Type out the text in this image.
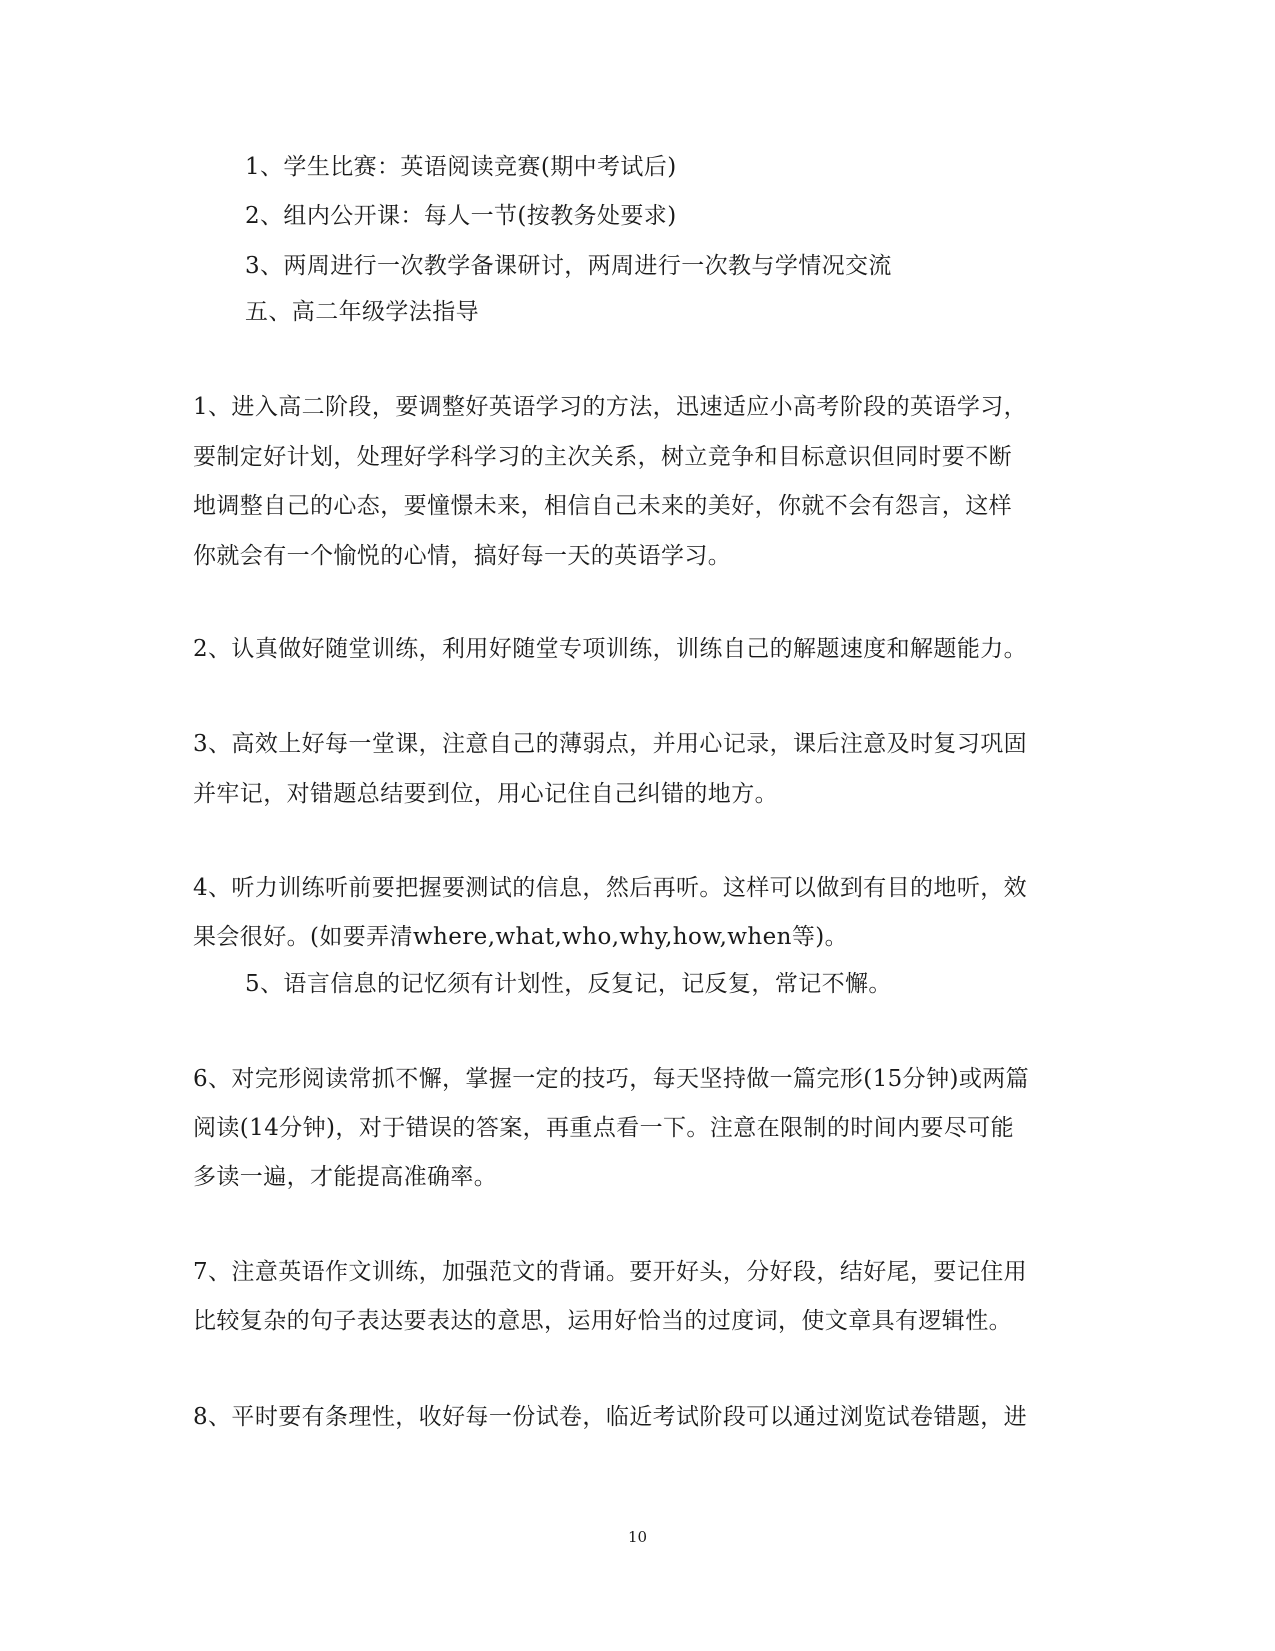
1、学生比赛：英语阅读竞赛(期中考试后)
2、组内公开课：每人一节(按教务处要求)
3、两周进行一次教学备课研讨，两周进行一次教与学情况交流
五、高二年级学法指导
1、进入高二阶段，要调整好英语学习的方法，迅速适应小高考阶段的英语学习，
要制定好计划，处理好学科学习的主次关系，树立竞争和目标意识但同时要不断
地调整自己的心态，要憧憬未来，相信自己未来的美好，你就不会有怨言，这样
你就会有一个愉悦的心情，搞好每一天的英语学习。
2、认真做好随堂训练，利用好随堂专项训练，训练自己的解题速度和解题能力。
3、高效上好每一堂课，注意自己的薄弱点，并用心记录，课后注意及时复习巩固
并牢记，对错题总结要到位，用心记住自己纠错的地方。
4、听力训练听前要把握要测试的信息，然后再听。这样可以做到有目的地听，效
果会很好。(如要弄清where,what,who,why,how,when等)。
5、语言信息的记忆须有计划性，反复记，记反复，常记不懈。
6、对完形阅读常抓不懈，掌握一定的技巧，每天坚持做一篇完形(15分钟)或两篇
阅读(14分钟)，对于错误的答案，再重点看一下。注意在限制的时间内要尽可能
多读一遍，才能提高准确率。
7、注意英语作文训练，加强范文的背诵。要开好头，分好段，结好尾，要记住用
比较复杂的句子表达要表达的意思，运用好恰当的过度词，使文章具有逻辑性。
8、平时要有条理性，收好每一份试卷，临近考试阶段可以通过浏览试卷错题，进
10
